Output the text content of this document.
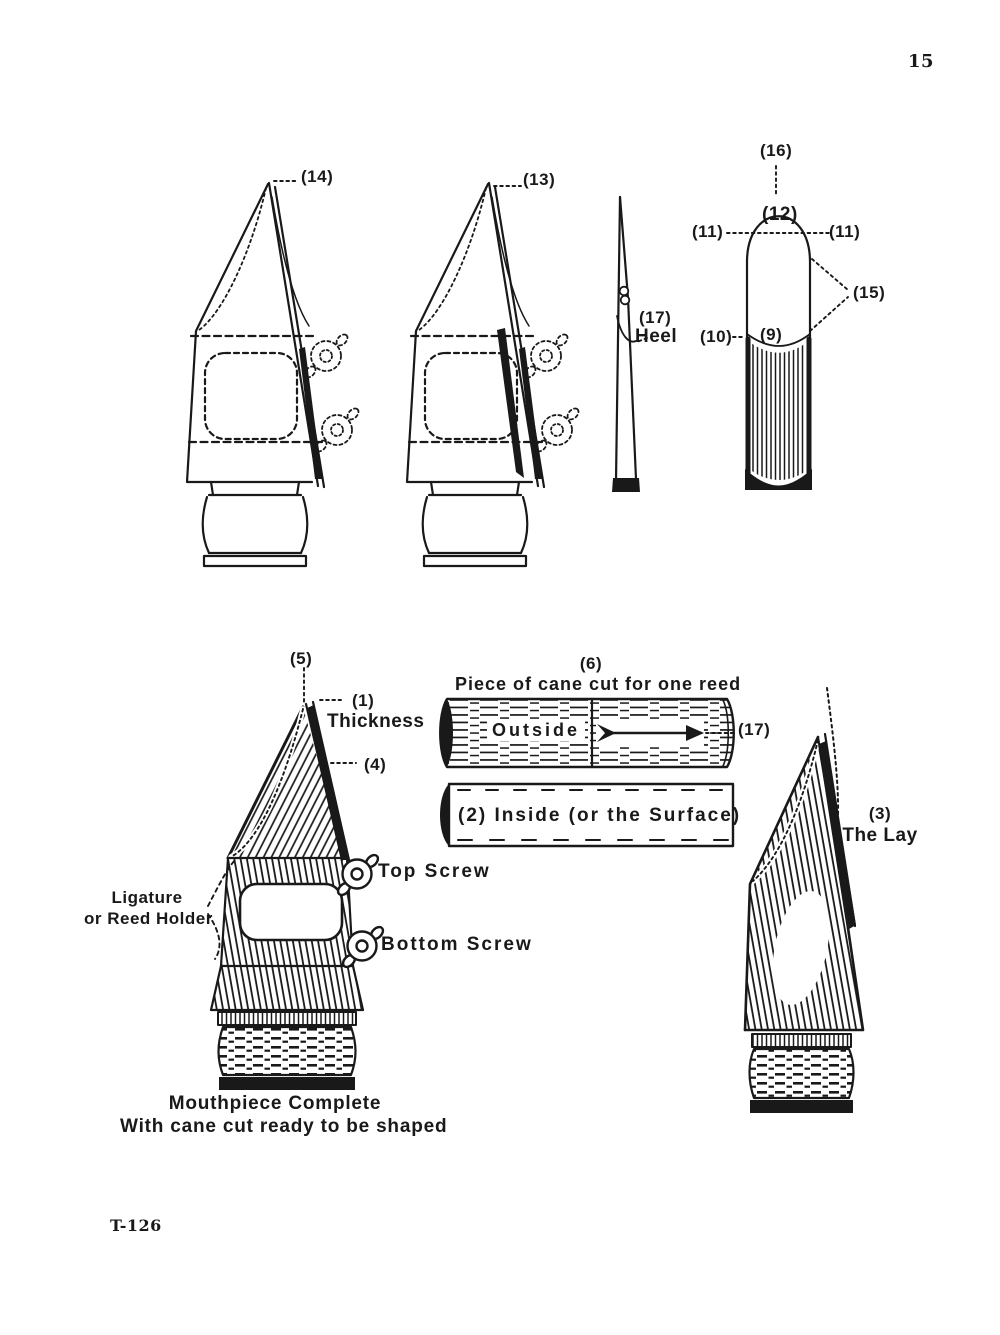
15
(14)	(13)
(16)
(12)
(11)	(11)
(15)
(10) (9)
(17)
Heel
(5)
(1)
Thickness
(4)
(6)
Piece of cane cut for one reed
Outside	(17)
(2) Inside (or the Surface)	(3)
The Lay
Ligature
or Reed Holder
Top Screw
Bottom Screw
Mouthpiece Complete
With cane cut ready to be shaped
T-126
